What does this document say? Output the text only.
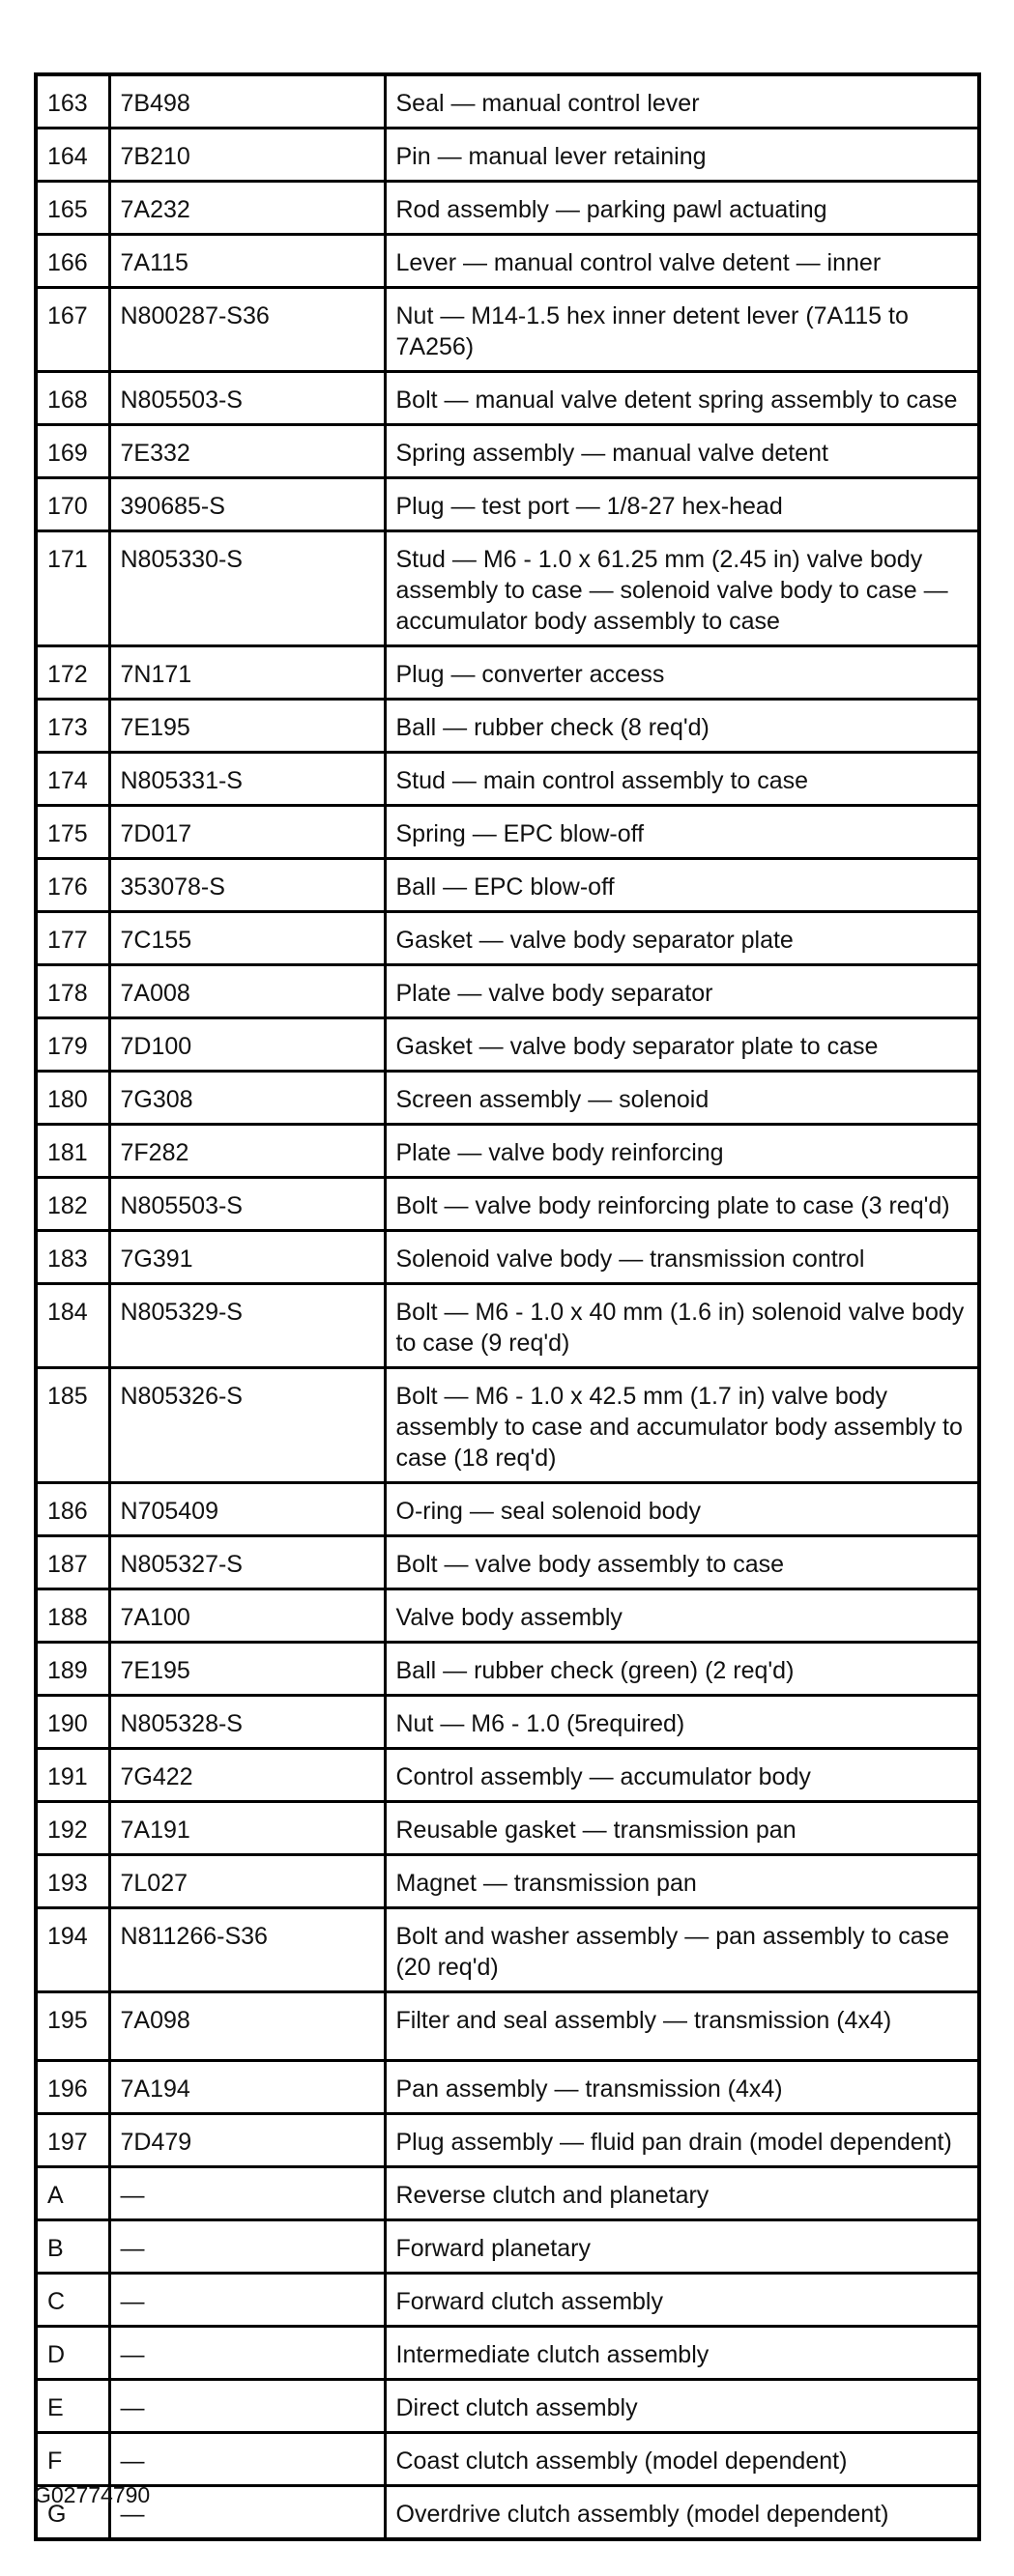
163	7B498	Seal — manual control lever
164	7B210	Pin — manual lever retaining
165	7A232	Rod assembly — parking pawl actuating
166	7A115	Lever — manual control valve detent — inner
167	N800287-S36	Nut — M14-1.5 hex inner detent lever (7A115 to 7A256)
168	N805503-S	Bolt — manual valve detent spring assembly to case
169	7E332	Spring assembly — manual valve detent
170	390685-S	Plug — test port — 1/8-27 hex-head
171	N805330-S	Stud — M6 - 1.0 x 61.25 mm (2.45 in) valve body assembly to case — solenoid valve body to case — accumulator body assembly to case
172	7N171	Plug — converter access
173	7E195	Ball — rubber check (8 req'd)
174	N805331-S	Stud — main control assembly to case
175	7D017	Spring — EPC blow-off
176	353078-S	Ball — EPC blow-off
177	7C155	Gasket — valve body separator plate
178	7A008	Plate — valve body separator
179	7D100	Gasket — valve body separator plate to case
180	7G308	Screen assembly — solenoid
181	7F282	Plate — valve body reinforcing
182	N805503-S	Bolt — valve body reinforcing plate to case (3 req'd)
183	7G391	Solenoid valve body — transmission control
184	N805329-S	Bolt — M6 - 1.0 x 40 mm (1.6 in) solenoid valve body to case (9 req'd)
185	N805326-S	Bolt — M6 - 1.0 x 42.5 mm (1.7 in) valve body assembly to case and accumulator body assembly to case (18 req'd)
186	N705409	O-ring — seal solenoid body
187	N805327-S	Bolt — valve body assembly to case
188	7A100	Valve body assembly
189	7E195	Ball — rubber check (green) (2 req'd)
190	N805328-S	Nut — M6 - 1.0 (5required)
191	7G422	Control assembly — accumulator body
192	7A191	Reusable gasket — transmission pan
193	7L027	Magnet — transmission pan
194	N811266-S36	Bolt and washer assembly — pan assembly to case (20 req'd)
195	7A098	Filter and seal assembly — transmission (4x4)
196	7A194	Pan assembly — transmission (4x4)
197	7D479	Plug assembly — fluid pan drain (model dependent)
A	—	Reverse clutch and planetary
B	—	Forward planetary
C	—	Forward clutch assembly
D	—	Intermediate clutch assembly
E	—	Direct clutch assembly
F	—	Coast clutch assembly (model dependent)
G	—	Overdrive clutch assembly (model dependent)
G02774790
